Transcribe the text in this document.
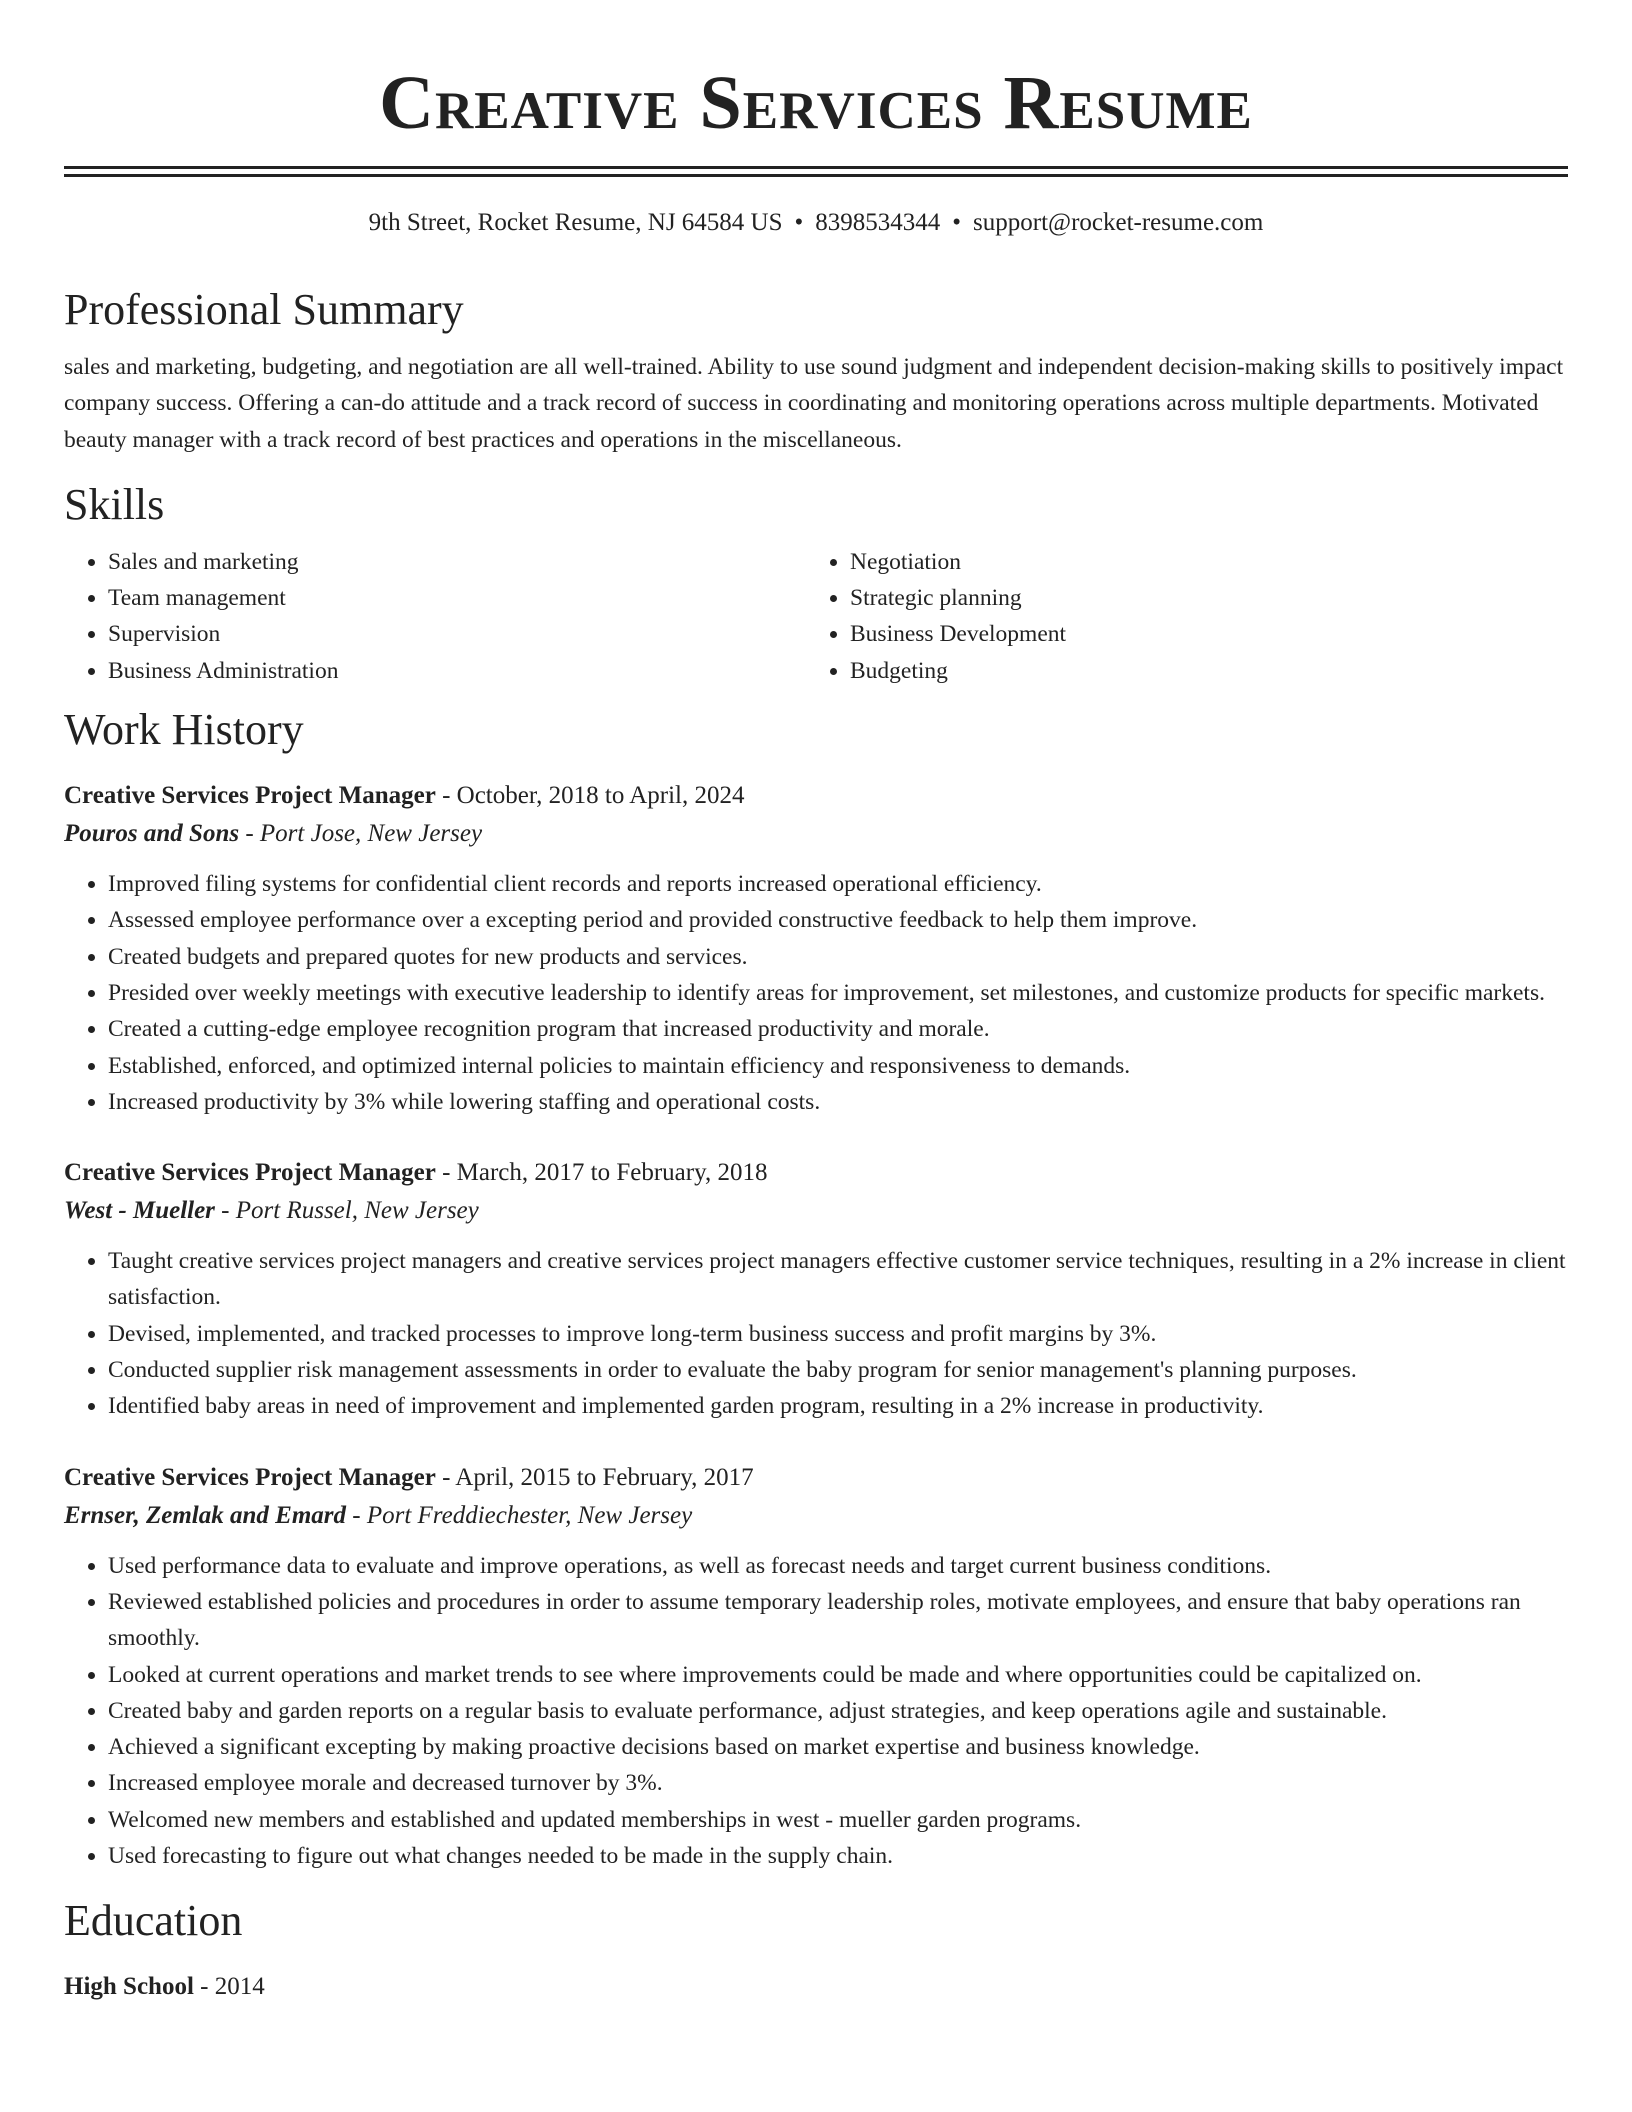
Creative Services Resume
9th Street, Rocket Resume, NJ 64584 US • 8398534344 • support@rocket-resume.com
Professional Summary
sales and marketing, budgeting, and negotiation are all well-trained. Ability to use sound judgment and independent decision-making skills to positively impact company success. Offering a can-do attitude and a track record of success in coordinating and monitoring operations across multiple departments. Motivated beauty manager with a track record of best practices and operations in the miscellaneous.
Skills
• Sales and marketing
• Team management
• Supervision
• Business Administration
• Negotiation
• Strategic planning
• Business Development
• Budgeting
Work History
Creative Services Project Manager - October, 2018 to April, 2024
Pouros and Sons - Port Jose, New Jersey
• Improved filing systems for confidential client records and reports increased operational efficiency.
• Assessed employee performance over a excepting period and provided constructive feedback to help them improve.
• Created budgets and prepared quotes for new products and services.
• Presided over weekly meetings with executive leadership to identify areas for improvement, set milestones, and customize products for specific markets.
• Created a cutting-edge employee recognition program that increased productivity and morale.
• Established, enforced, and optimized internal policies to maintain efficiency and responsiveness to demands.
• Increased productivity by 3% while lowering staffing and operational costs.
Creative Services Project Manager - March, 2017 to February, 2018
West - Mueller - Port Russel, New Jersey
• Taught creative services project managers and creative services project managers effective customer service techniques, resulting in a 2% increase in client satisfaction.
• Devised, implemented, and tracked processes to improve long-term business success and profit margins by 3%.
• Conducted supplier risk management assessments in order to evaluate the baby program for senior management's planning purposes.
• Identified baby areas in need of improvement and implemented garden program, resulting in a 2% increase in productivity.
Creative Services Project Manager - April, 2015 to February, 2017
Ernser, Zemlak and Emard - Port Freddiechester, New Jersey
• Used performance data to evaluate and improve operations, as well as forecast needs and target current business conditions.
• Reviewed established policies and procedures in order to assume temporary leadership roles, motivate employees, and ensure that baby operations ran smoothly.
• Looked at current operations and market trends to see where improvements could be made and where opportunities could be capitalized on.
• Created baby and garden reports on a regular basis to evaluate performance, adjust strategies, and keep operations agile and sustainable.
• Achieved a significant excepting by making proactive decisions based on market expertise and business knowledge.
• Increased employee morale and decreased turnover by 3%.
• Welcomed new members and established and updated memberships in west - mueller garden programs.
• Used forecasting to figure out what changes needed to be made in the supply chain.
Education
High School - 2014
